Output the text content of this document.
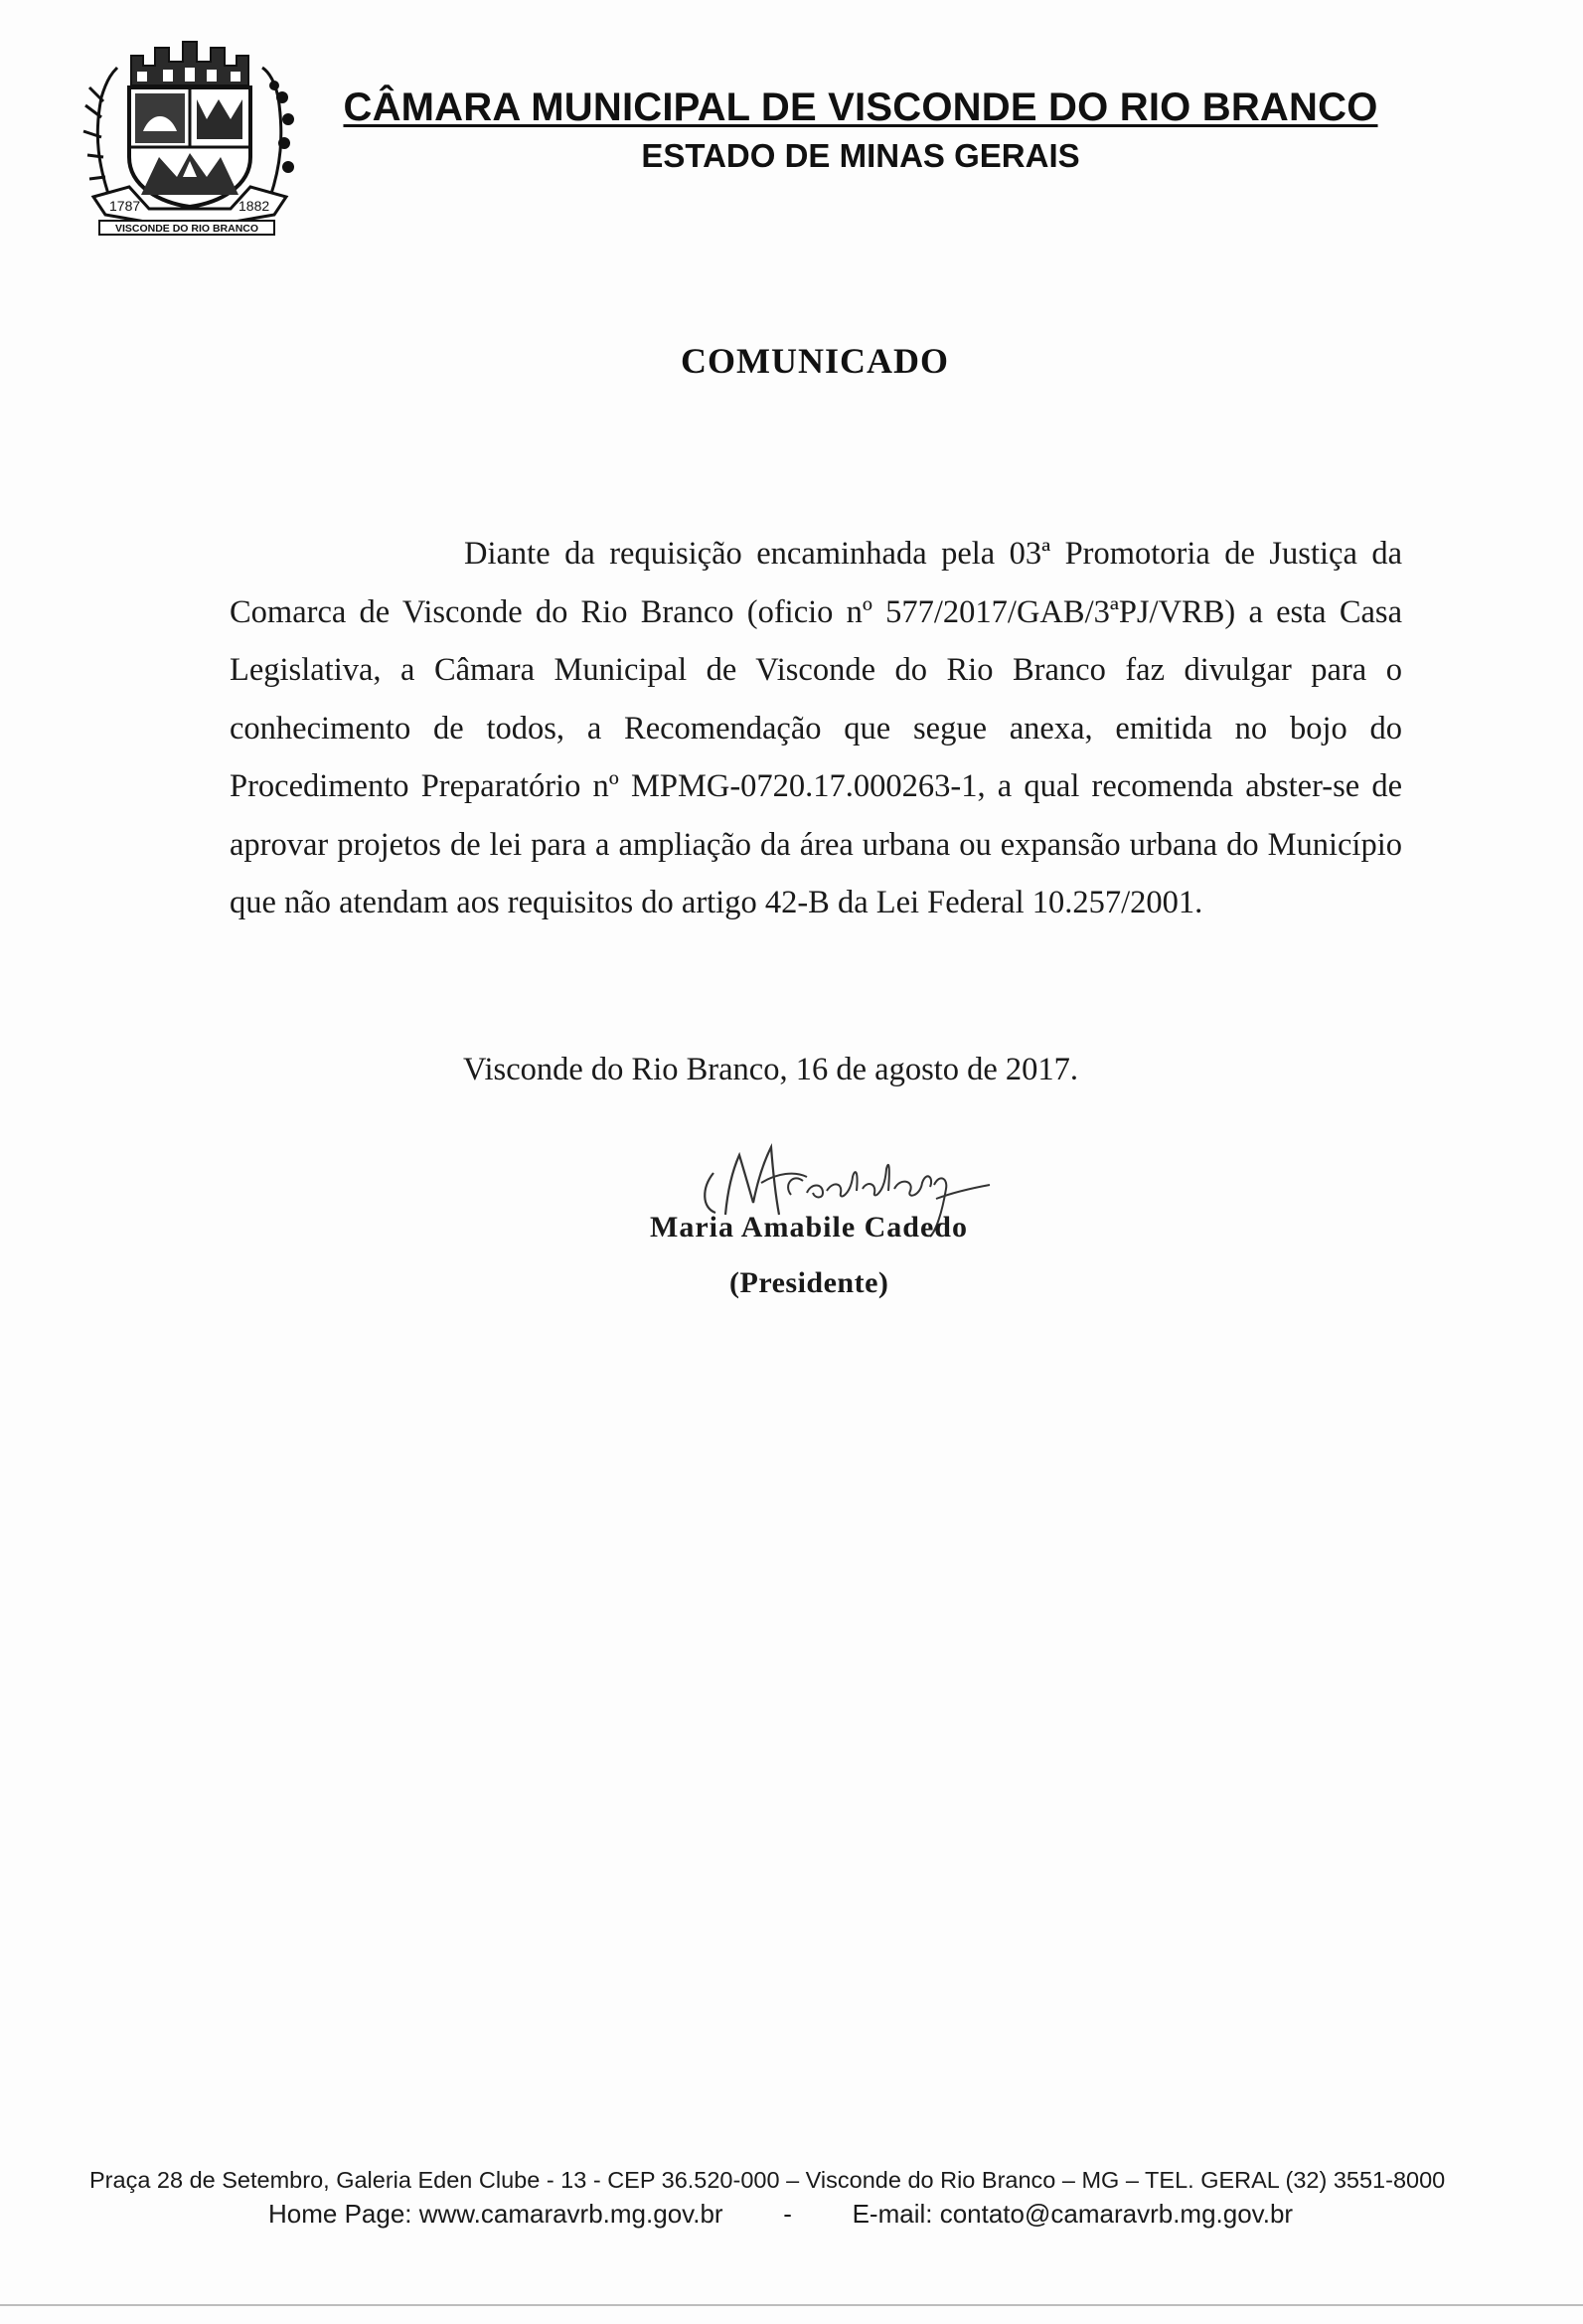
1787	1882
VISCONDE DO RIO BRANCO
CÂMARA MUNICIPAL DE VISCONDE DO RIO BRANCO
ESTADO DE MINAS GERAIS
COMUNICADO

Diante da requisição encaminhada pela 03ª Promotoria de Justiça da Comarca de Visconde do Rio Branco (oficio nº 577/2017/GAB/3ªPJ/VRB) a esta Casa Legislativa, a Câmara Municipal de Visconde do Rio Branco faz divulgar para o conhecimento de todos, a Recomendação que segue anexa, emitida no bojo do Procedimento Preparatório nº MPMG-0720.17.000263-1, a qual recomenda abster-se de aprovar projetos de lei para a ampliação da área urbana ou expansão urbana do Município que não atendam aos requisitos do artigo 42-B da Lei Federal 10.257/2001.

Visconde do Rio Branco, 16 de agosto de 2017.
Maria Amabile Cadedo
(Presidente)
Praça 28 de Setembro, Galeria Eden Clube - 13 - CEP 36.520-000 – Visconde do Rio Branco – MG – TEL. GERAL (32) 3551-8000
Home Page: www.camaravrb.mg.gov.br - E-mail: contato@camaravrb.mg.gov.br
